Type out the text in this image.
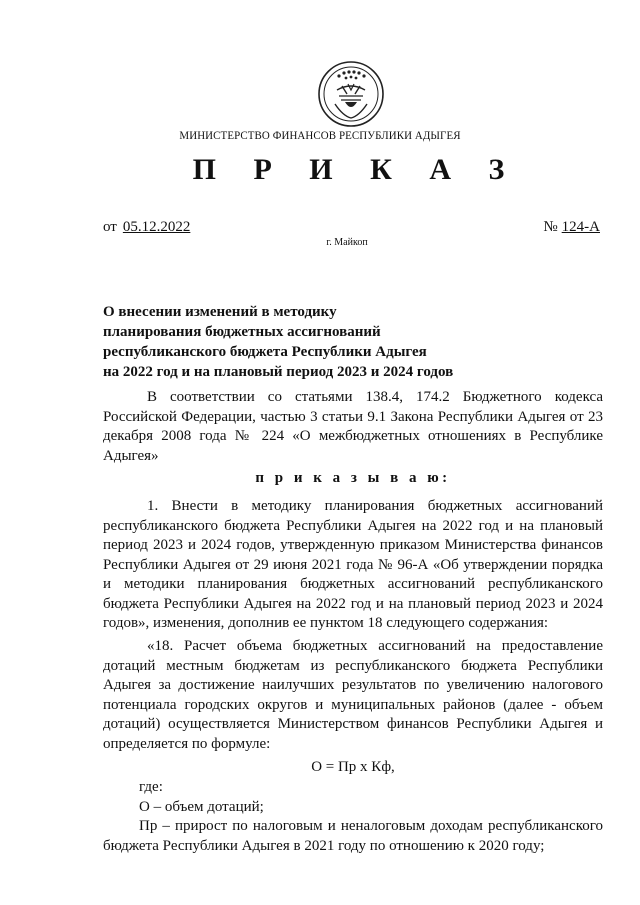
МИНИСТЕРСТВО ФИНАНСОВ РЕСПУБЛИКИ АДЫГЕЯ
П Р И К А З
от 05.12.2022	№ 124-А
г. Майкоп
О внесении изменений в методику
планирования бюджетных ассигнований
республиканского бюджета Республики Адыгея
на 2022 год и на плановый период 2023 и 2024 годов

В соответствии со статьями 138.4, 174.2 Бюджетного кодекса Российской Федерации, частью 3 статьи 9.1 Закона Республики Адыгея от 23 декабря 2008 года № 224 «О межбюджетных отношениях в Республике Адыгея»

п р и к а з ы в а ю:

1. Внести в методику планирования бюджетных ассигнований республиканского бюджета Республики Адыгея на 2022 год и на плановый период 2023 и 2024 годов, утвержденную приказом Министерства финансов Республики Адыгея от 29 июня 2021 года № 96-А «Об утверждении порядка и методики планирования бюджетных ассигнований республиканского бюджета Республики Адыгея на 2022 год и на плановый период 2023 и 2024 годов», изменения, дополнив ее пунктом 18 следующего содержания:

«18. Расчет объема бюджетных ассигнований на предоставление дотаций местным бюджетам из республиканского бюджета Республики Адыгея за достижение наилучших результатов по увеличению налогового потенциала городских округов и муниципальных районов (далее - объем дотаций) осуществляется Министерством финансов Республики Адыгея и определяется по формуле:

О = Пр х Кф,
где:
О – объем дотаций;
Пр – прирост по налоговым и неналоговым доходам республиканского бюджета Республики Адыгея в 2021 году по отношению к 2020 году;
